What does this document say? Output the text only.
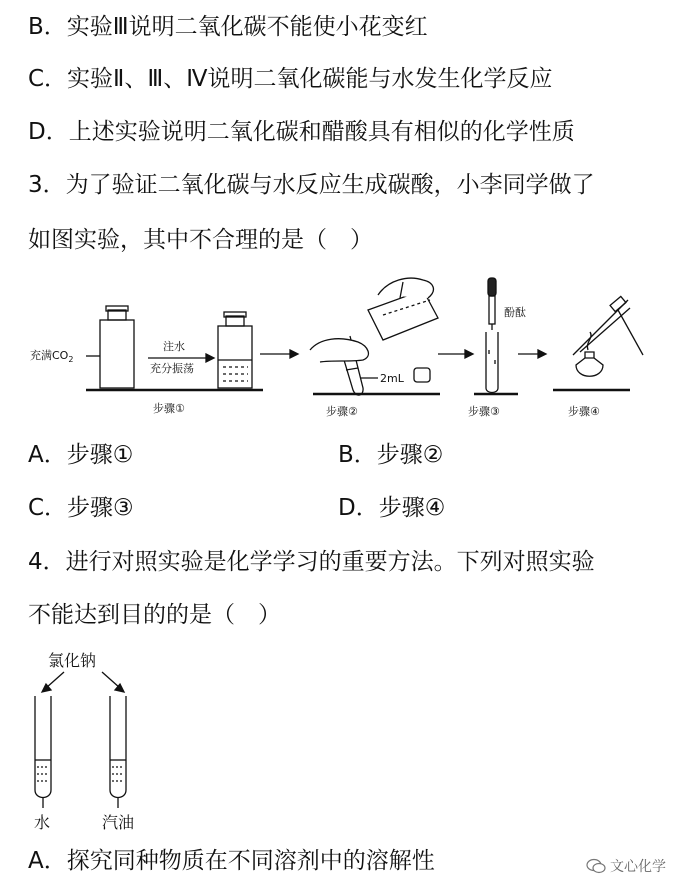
B．实验Ⅲ说明二氧化碳不能使小花变红
C．实验Ⅱ、Ⅲ、Ⅳ说明二氧化碳能与水发生化学反应
D．上述实验说明二氧化碳和醋酸具有相似的化学性质
3．为了验证二氧化碳与水反应生成碳酸，小李同学做了
如图实验，其中不合理的是（　）
充满$CO_2$
注水
充分振荡
步骤①
2mL
步骤②
酚酞
步骤③	步骤④
A．步骤①	B．步骤②
C．步骤③	D．步骤④
4．进行对照实验是化学学习的重要方法。下列对照实验
不能达到目的的是（　）
氯化钠
水	汽油
A．探究同种物质在不同溶剂中的溶解性	文心化学
